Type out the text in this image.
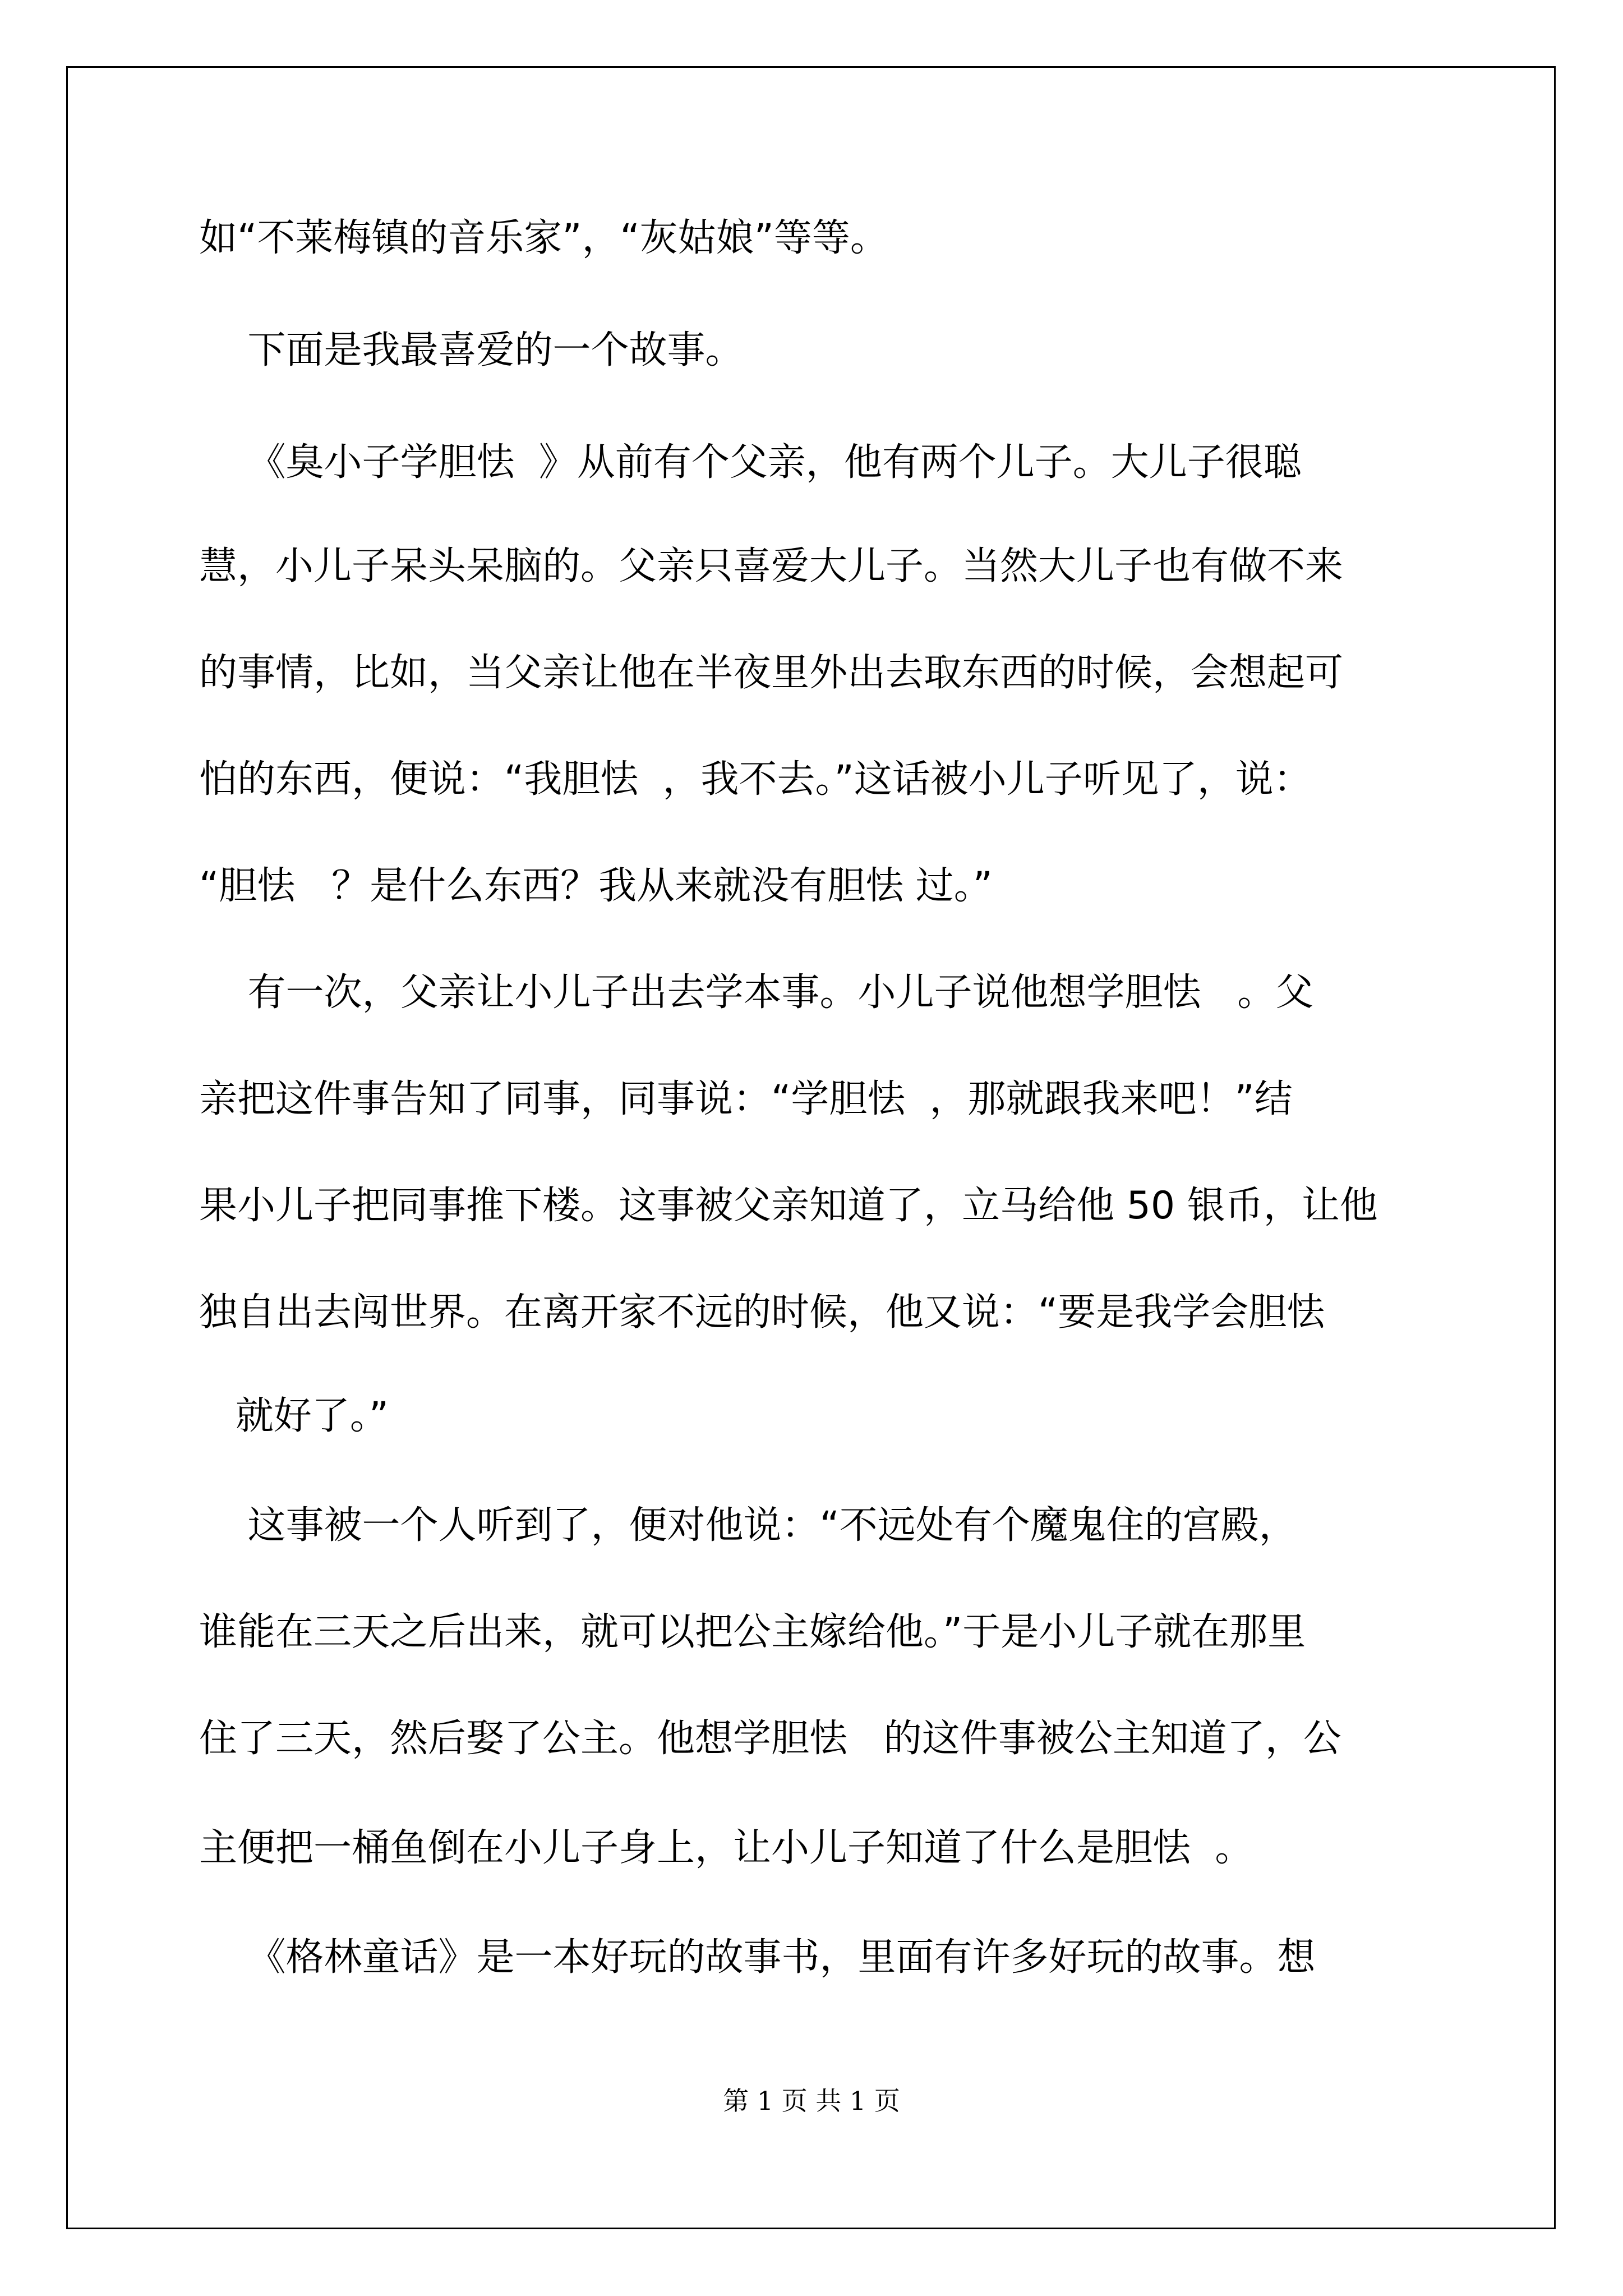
如“不莱梅镇的音乐家”，“灰姑娘”等等。
下面是我最喜爱的一个故事。
《臭小子学胆怯  》从前有个父亲，他有两个儿子。大儿子很聪
慧，小儿子呆头呆脑的。父亲只喜爱大儿子。当然大儿子也有做不来
的事情，比如，当父亲让他在半夜里外出去取东西的时候，会想起可
怕的东西，便说：“我胆怯  ，我不去。”这话被小儿子听见了，说：
“胆怯   ？是什么东西？我从来就没有胆怯 过。”
有一次，父亲让小儿子出去学本事。小儿子说他想学胆怯   。父
亲把这件事告知了同事，同事说：“学胆怯  ，那就跟我来吧！”结
果小儿子把同事推下楼。这事被父亲知道了，立马给他 50 银币，让他
独自出去闯世界。在离开家不远的时候，他又说：“要是我学会胆怯
就好了。”
这事被一个人听到了，便对他说：“不远处有个魔鬼住的宫殿，
谁能在三天之后出来，就可以把公主嫁给他。”于是小儿子就在那里
住了三天，然后娶了公主。他想学胆怯   的这件事被公主知道了，公
主便把一桶鱼倒在小儿子身上，让小儿子知道了什么是胆怯  。
《格林童话》是一本好玩的故事书，里面有许多好玩的故事。想
第 1 页 共 1 页
